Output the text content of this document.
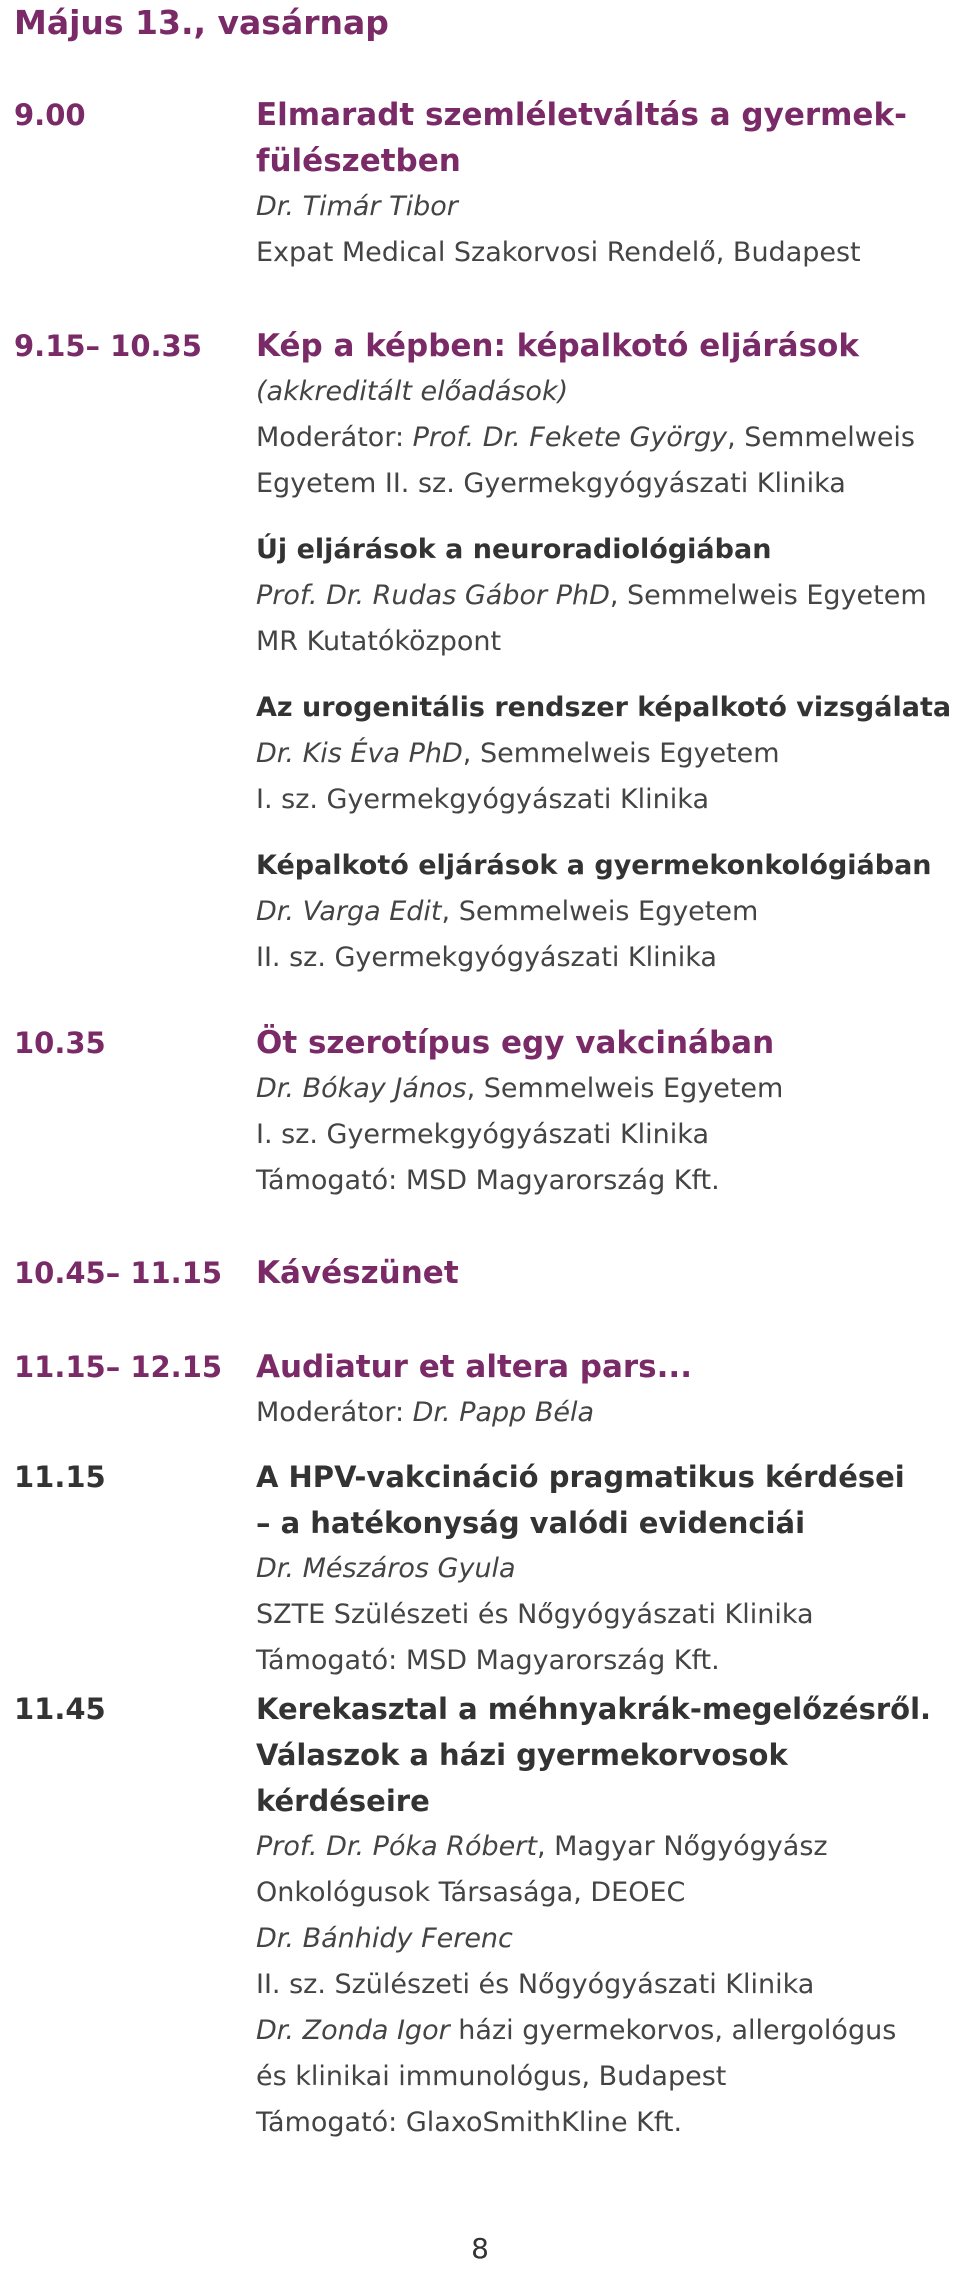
Május 13., vasárnap
9.00	Elmaradt szemléletváltás a gyermek-

fülészetben

Dr. Timár Tibor

Expat Medical Szakorvosi Rendelő, Budapest

9.15– 10.35 Kép a képben: képalkotó eljárások

(akkreditált előadások)

Moderátor: Prof. Dr. Fekete György, Semmelweis

Egyetem II. sz. Gyermekgyógyászati Klinika

Új eljárások a neuroradiológiában

Prof. Dr. Rudas Gábor PhD, Semmelweis Egyetem

MR Kutatóközpont

Az urogenitális rendszer képalkotó vizsgálata

Dr. Kis Éva PhD, Semmelweis Egyetem

I. sz. Gyermekgyógyászati Klinika

Képalkotó eljárások a gyermekonkológiában

Dr. Varga Edit, Semmelweis Egyetem

II. sz. Gyermekgyógyászati Klinika

10.35	Öt szerotípus egy vakcinában

Dr. Bókay János, Semmelweis Egyetem

I. sz. Gyermekgyógyászati Klinika

Támogató: MSD Magyarország Kft.

10.45– 11.15 Kávészünet

11.15– 12.15 Audiatur et altera pars...

Moderátor: Dr. Papp Béla

11.15	A HPV-vakcináció pragmatikus kérdései

– a hatékonyság valódi evidenciái

Dr. Mészáros Gyula

SZTE Szülészeti és Nőgyógyászati Klinika

Támogató: MSD Magyarország Kft.

11.45	Kerekasztal a méhnyakrák-megelőzésről.

Válaszok a házi gyermekorvosok kérdéseire

Prof. Dr. Póka Róbert, Magyar Nőgyógyász

Onkológusok Társasága, DEOEC

Dr. Bánhidy Ferenc

II. sz. Szülészeti és Nőgyógyászati Klinika

Dr. Zonda Igor házi gyermekorvos, allergológus

és klinikai immunológus, Budapest

Támogató: GlaxoSmithKline Kft.

8
